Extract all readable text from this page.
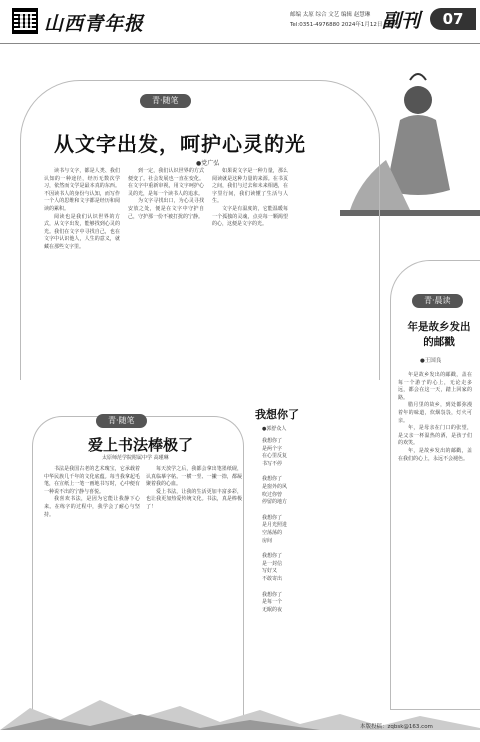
山西青年报	邮编 太原 综合 文艺 编辑 赵慧琳
Tel:0351-4976880 2024年1月12日 星期五
副刊	07
青·随笔
从文字出发，呵护心灵的光
●党广弘

读书与文字，都是人类、我们认知的一种途径，经历无数次学习，依然而文学是最本真的东西。不因读书人的身份与认知，而写作一个人的思维和文字都是经历和阅读的累积。

阅读也是我们认识世界的方式，从文字出发，能够找到心灵的光。我们在文字中寻找自己，也在文字中认识他人，人生的意义，就藏在那些文字里。

到一定，我们认识世界的方式便变了。社会发展也一直在变化。在文字中重新审视，用文字呵护心灵的光，是每一个读书人的追求。

为文字寻找出口，为心灵寻找安放之处，便是在文字中守护自己，守护那一份不被打扰的宁静。

如果说文字是一种力量，那么阅读就是这种力量的来源。在书页之间，我们与过去和未来相遇，在字里行间，我们读懂了生活与人生。

文字是有温度的，它能温暖每一个孤独的灵魂，点亮每一颗渴望的心，这便是文字的光。

青·晨读
年是故乡发出的邮戳
●王国良

年是故乡发出的邮戳，盖在每一个游子的心上，无论走多远，都会在这一天，踏上回家的路。

腊月里的故乡，到处都弥漫着年的味道，炊烟袅袅，灯火可亲。

年，是母亲在门口的张望，是父亲一杯温热的酒，是孩子们的欢笑。

年，是故乡发出的邮戳，盖在我们的心上，永远不会褪色。

我想你了
●郭舒众人
我想你了
是两个字
在心里反复
书写不停
我想你了
是窗外的风
吹过你曾
停留的地方
我想你了
是月光照进
空荡荡的
房间
我想你了
是一封信
写好又
不敢寄出
我想你了
是每一个
无眠的夜
青·随笔
爱上书法棒极了
太原师范学院附属中学 高瑾琳

书法是我国古老的艺术瑰宝，它承载着中华民族几千年的文化底蕴。每当我拿起毛笔，在宣纸上一笔一画地书写时，心中便有一种说不出的宁静与喜悦。

我喜欢书法，是因为它能让我静下心来。在练字的过程中，我学会了耐心与坚持。

每天放学之后，我都会拿出笔墨纸砚，认真临摹字帖。一横一竖、一撇一捺，都凝聚着我的心血。

爱上书法，让我的生活更加丰富多彩，也让我更加热爱传统文化。书法，真是棒极了！

本版投稿：zqbsk@163.com
